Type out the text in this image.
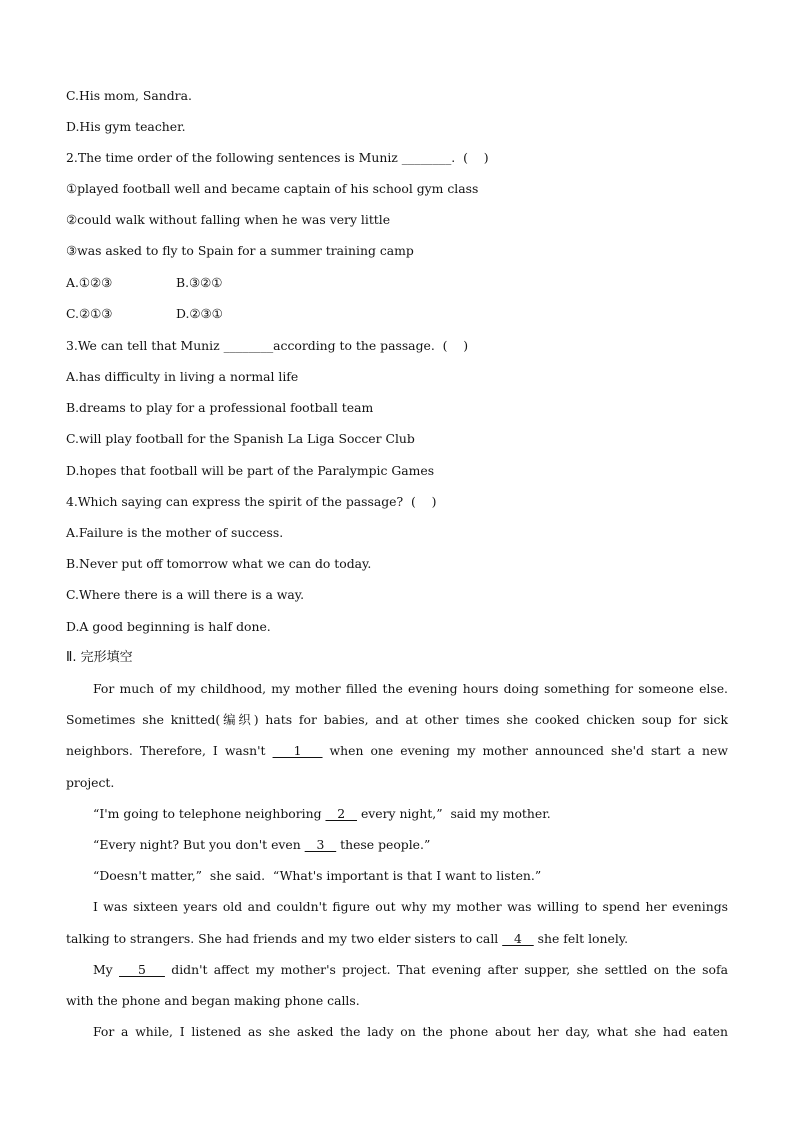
C.His mom, Sandra.
D.His gym teacher.
2.The time order of the following sentences is Muniz ________.  (    )
①played football well and became captain of his school gym class
②could walk without falling when he was very little
③was asked to fly to Spain for a summer training camp
A.①②③	B.③②①
C.②①③	D.②③①
3.We can tell that Muniz ________according to the passage.  (    )
A.has difficulty in living a normal life
B.dreams to play for a professional football team
C.will play football for the Spanish La Liga Soccer Club
D.hopes that football will be part of the Paralympic Games
4.Which saying can express the spirit of the passage?  (    )
A.Failure is the mother of success.
B.Never put off tomorrow what we can do today.
C.Where there is a will there is a way.
D.A good beginning is half done.
Ⅱ. 完形填空
For much of my childhood, my mother filled the evening hours doing something for someone else.
Sometimes she knitted(编织) hats for babies, and at other times she cooked chicken soup for sick
neighbors. Therefore, I wasn't    1    when one evening my mother announced she'd start a new
project.
“I'm going to telephone neighboring    2    every night,”  said my mother.
“Every night? But you don't even    3    these people.”
“Doesn't matter,”  she said.  “What's important is that I want to listen.”
I was sixteen years old and couldn't figure out why my mother was willing to spend her evenings
talking to strangers. She had friends and my two elder sisters to call    4    she felt lonely.
My    5    didn't affect my mother's project. That evening after supper, she settled on the sofa
with the phone and began making phone calls.
For a while, I listened as she asked the lady on the phone about her day, what she had eaten
